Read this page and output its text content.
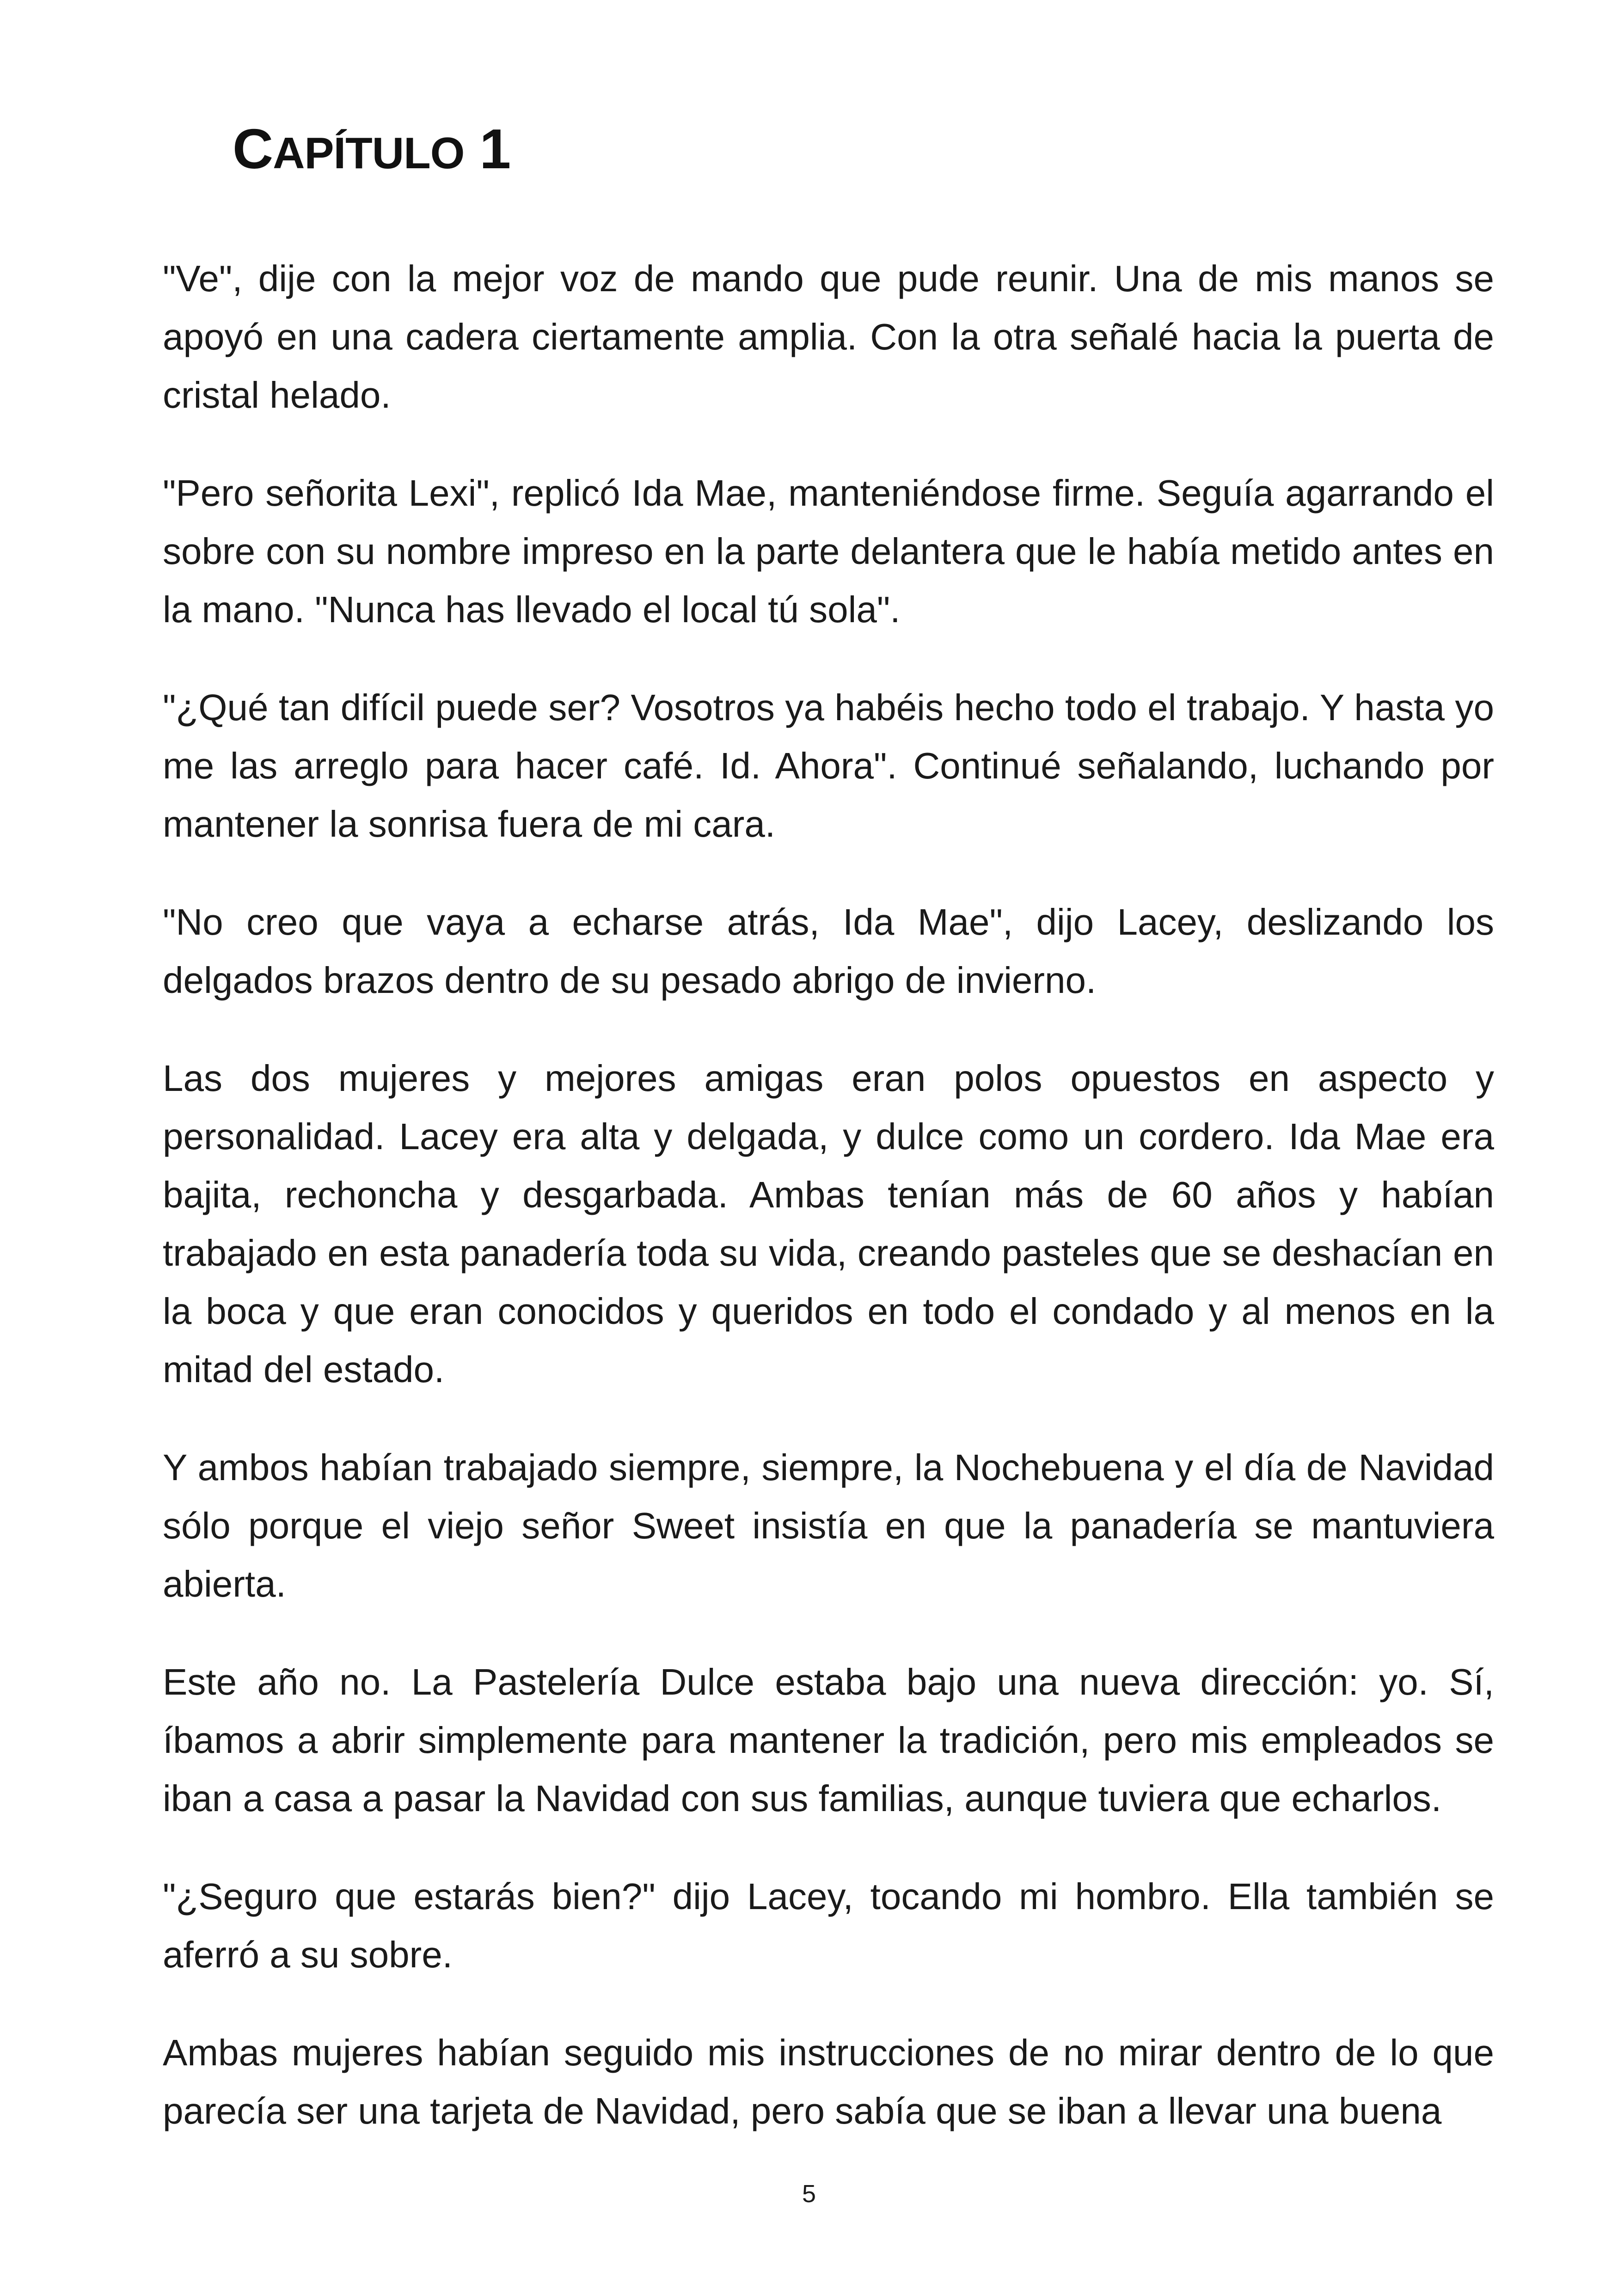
CAPÍTULO 1

"Ve", dije con la mejor voz de mando que pude reunir. Una de mis manos se apoyó en una cadera ciertamente amplia. Con la otra señalé hacia la puerta de cristal helado.

"Pero señorita Lexi", replicó Ida Mae, manteniéndose firme. Seguía agarrando el sobre con su nombre impreso en la parte delantera que le había metido antes en la mano. "Nunca has llevado el local tú sola".

"¿Qué tan difícil puede ser? Vosotros ya habéis hecho todo el trabajo. Y hasta yo me las arreglo para hacer café. Id. Ahora". Continué señalando, luchando por mantener la sonrisa fuera de mi cara.

"No creo que vaya a echarse atrás, Ida Mae", dijo Lacey, deslizando los delgados brazos dentro de su pesado abrigo de invierno.

Las dos mujeres y mejores amigas eran polos opuestos en aspecto y personalidad. Lacey era alta y delgada, y dulce como un cordero. Ida Mae era bajita, rechoncha y desgarbada. Ambas tenían más de 60 años y habían trabajado en esta panadería toda su vida, creando pasteles que se deshacían en la boca y que eran conocidos y queridos en todo el condado y al menos en la mitad del estado.

Y ambos habían trabajado siempre, siempre, la Nochebuena y el día de Navidad sólo porque el viejo señor Sweet insistía en que la panadería se mantuviera abierta.

Este año no. La Pastelería Dulce estaba bajo una nueva dirección: yo. Sí, íbamos a abrir simplemente para mantener la tradición, pero mis empleados se iban a casa a pasar la Navidad con sus familias, aunque tuviera que echarlos.

"¿Seguro que estarás bien?" dijo Lacey, tocando mi hombro. Ella también se aferró a su sobre.

Ambas mujeres habían seguido mis instrucciones de no mirar dentro de lo que parecía ser una tarjeta de Navidad, pero sabía que se iban a llevar una buena

5
